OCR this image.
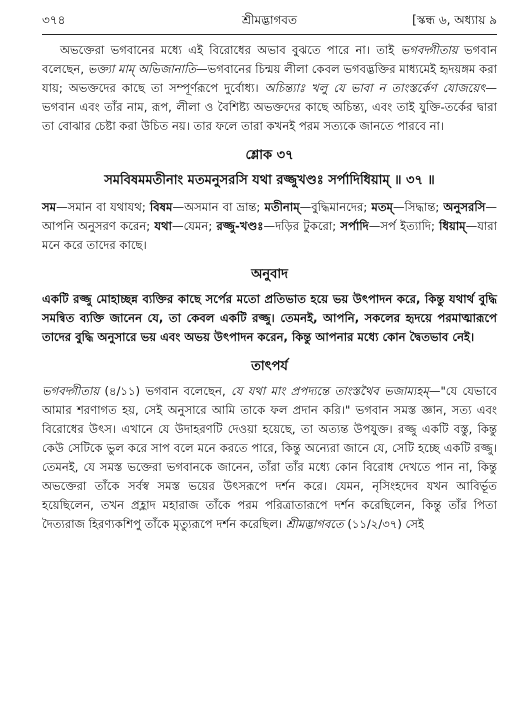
৩৭৪	শ্রীমদ্ভাগবত	[স্কন্ধ ৬, অধ্যায় ৯

অভক্তেরা ভগবানের মধ্যে এই বিরোধের অভাব বুঝতে পারে না। তাই ভগবদ্গীতায় ভগবান বলেছেন, ভক্ত্যা মাম্ অভিজানাতি—ভগবানের চিন্ময় লীলা কেবল ভগবদ্ভক্তির মাধ্যমেই হৃদয়ঙ্গম করা যায়; অভক্তদের কাছে তা সম্পূর্ণরূপে দুর্বোধ্য। অচিন্ত্যাঃ খলু যে ভাবা ন তাংস্তর্কেণ যোজয়েৎ—ভগবান এবং তাঁর নাম, রূপ, লীলা ও বৈশিষ্ট্য অভক্তদের কাছে অচিন্ত্য, এবং তাই যুক্তি-তর্কের দ্বারা তা বোঝার চেষ্টা করা উচিত নয়। তার ফলে তারা কখনই পরম সত্যকে জানতে পারবে না।

শ্লোক ৩৭
সমবিষমমতীনাং মতমনুসরসি যথা রজ্জুখণ্ডঃ সর্পাদিধিয়াম্ ॥ ৩৭ ॥

সম—সমান বা যথাযথ; বিষম—অসমান বা ভ্রান্ত; মতীনাম্—বুদ্ধিমানদের; মতম্—সিদ্ধান্ত; অনুসরসি—আপনি অনুসরণ করেন; যথা—যেমন; রজ্জু-খণ্ডঃ—দড়ির টুকরো; সর্পাদি—সর্প ইত্যাদি; ধিয়াম্—যারা মনে করে তাদের কাছে।

অনুবাদ

একটি রজ্জু মোহাচ্ছন্ন ব্যক্তির কাছে সর্পের মতো প্রতিভাত হয়ে ভয় উৎপাদন করে, কিন্তু যথার্থ বুদ্ধি সমন্বিত ব্যক্তি জানেন যে, তা কেবল একটি রজ্জু। তেমনই, আপনি, সকলের হৃদয়ে পরমাত্মারূপে তাদের বুদ্ধি অনুসারে ভয় এবং অভয় উৎপাদন করেন, কিন্তু আপনার মধ্যে কোন দ্বৈতভাব নেই।

তাৎপর্য

ভগবদ্গীতায় (৪/১১) ভগবান বলেছেন, যে যথা মাং প্রপদ্যন্তে তাংস্তথৈব ভজাম্যহম্—"যে যেভাবে আমার শরণাগত হয়, সেই অনুসারে আমি তাকে ফল প্রদান করি।" ভগবান সমস্ত জ্ঞান, সত্য এবং বিরোধের উৎস। এখানে যে উদাহরণটি দেওয়া হয়েছে, তা অত্যন্ত উপযুক্ত। রজ্জু একটি বস্তু, কিন্তু কেউ সেটিকে ভুল করে সাপ বলে মনে করতে পারে, কিন্তু অন্যেরা জানে যে, সেটি হচ্ছে একটি রজ্জু। তেমনই, যে সমস্ত ভক্তেরা ভগবানকে জানেন, তাঁরা তাঁর মধ্যে কোন বিরোধ দেখতে পান না, কিন্তু অভক্তেরা তাঁকে সর্বস্ব সমস্ত ভয়ের উৎসরূপে দর্শন করে। যেমন, নৃসিংহদেব যখন আবির্ভূত হয়েছিলেন, তখন প্রহ্লাদ মহারাজ তাঁকে পরম পরিত্রাতারূপে দর্শন করেছিলেন, কিন্তু তাঁর পিতা দৈত্যরাজ হিরণ্যকশিপু তাঁকে মৃত্যুরূপে দর্শন করেছিল। শ্রীমদ্ভাগবতে (১১/২/৩৭) সেই
